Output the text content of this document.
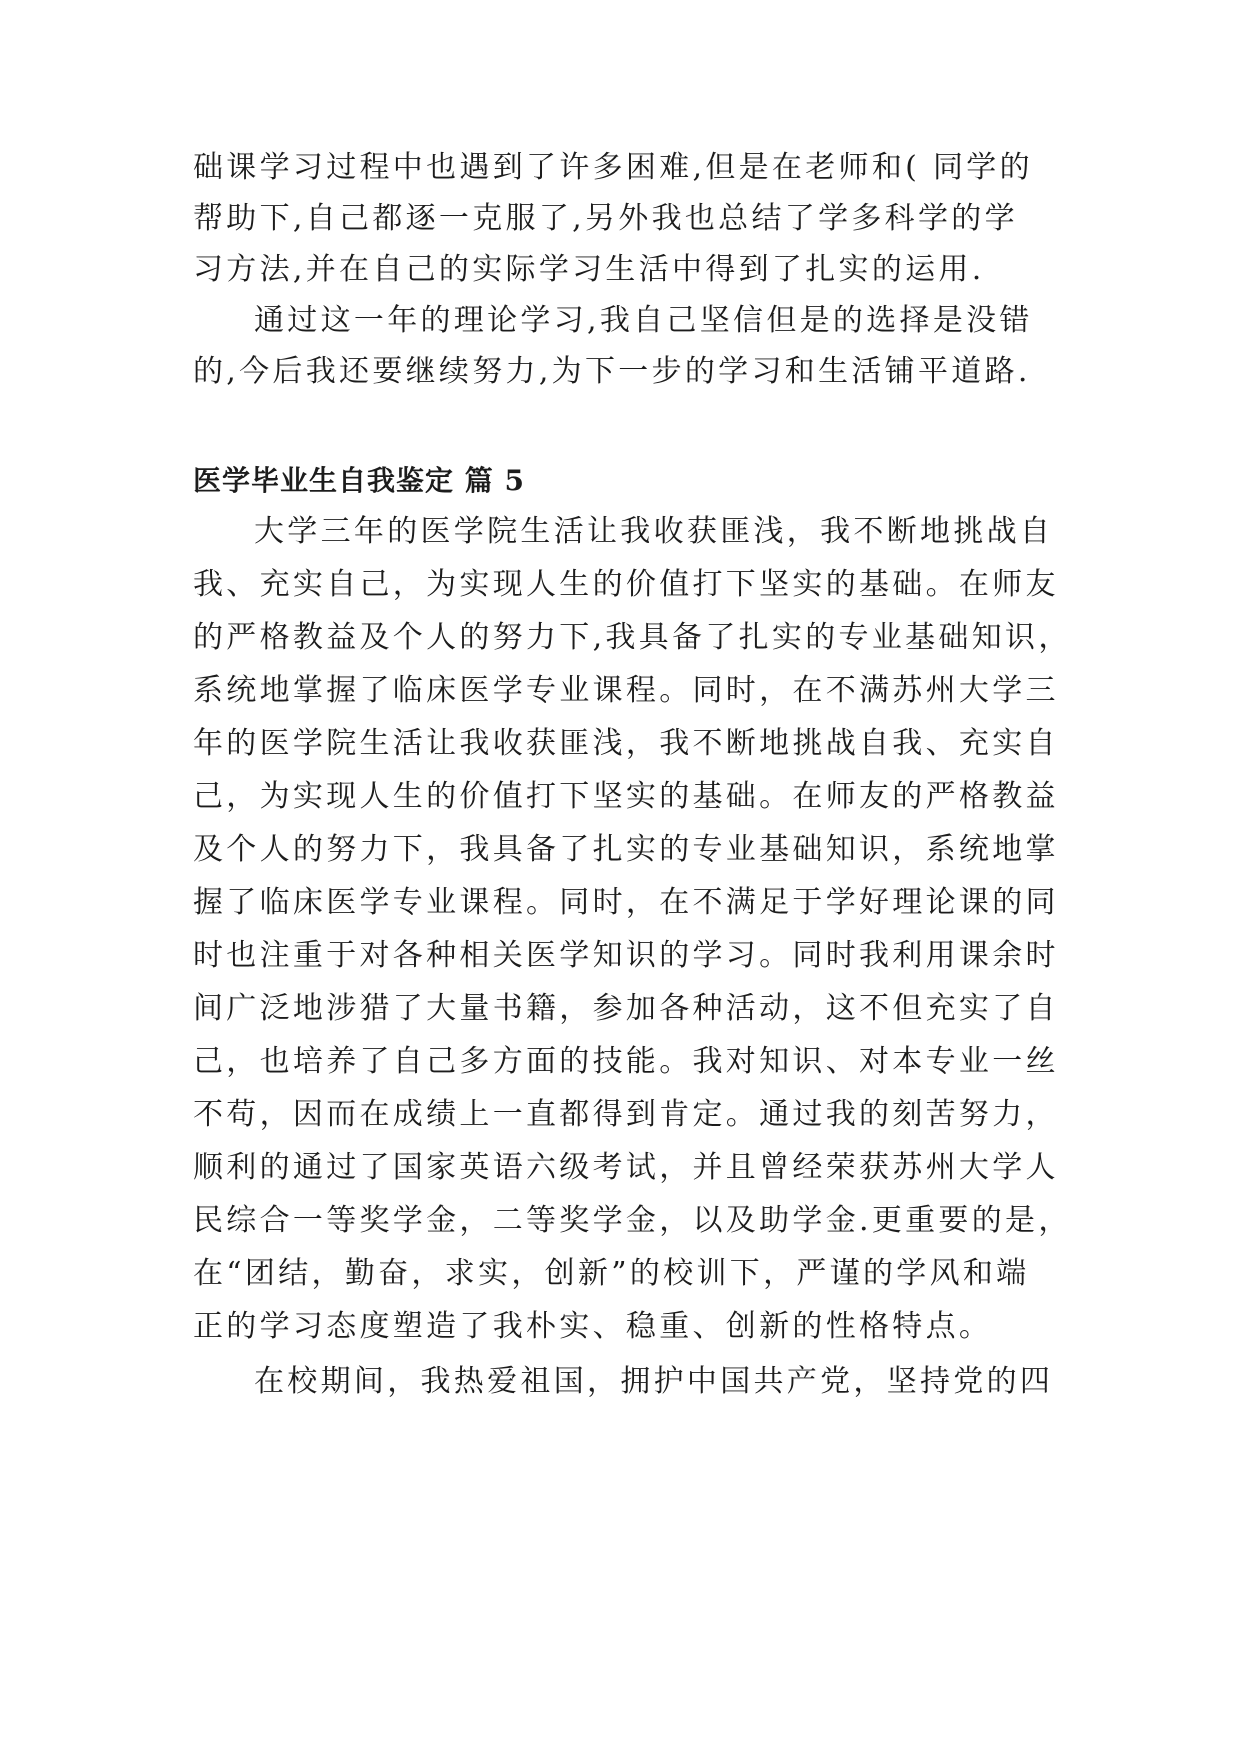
础课学习过程中也遇到了许多困难,但是在老师和( 同学的

帮助下,自己都逐一克服了,另外我也总结了学多科学的学

习方法,并在自己的实际学习生活中得到了扎实的运用.

通过这一年的理论学习,我自己坚信但是的选择是没错

的,今后我还要继续努力,为下一步的学习和生活铺平道路.

医学毕业生自我鉴定 篇 5

大学三年的医学院生活让我收获匪浅，我不断地挑战自

我、充实自己，为实现人生的价值打下坚实的基础。在师友

的严格教益及个人的努力下,我具备了扎实的专业基础知识，

系统地掌握了临床医学专业课程。同时，在不满苏州大学三

年的医学院生活让我收获匪浅，我不断地挑战自我、充实自

己，为实现人生的价值打下坚实的基础。在师友的严格教益

及个人的努力下，我具备了扎实的专业基础知识，系统地掌

握了临床医学专业课程。同时，在不满足于学好理论课的同

时也注重于对各种相关医学知识的学习。同时我利用课余时

间广泛地涉猎了大量书籍，参加各种活动，这不但充实了自

己，也培养了自己多方面的技能。我对知识、对本专业一丝

不苟，因而在成绩上一直都得到肯定。通过我的刻苦努力，

顺利的通过了国家英语六级考试，并且曾经荣获苏州大学人

民综合一等奖学金，二等奖学金，以及助学金.更重要的是，

在“团结，勤奋，求实，创新”的校训下，严谨的学风和端

正的学习态度塑造了我朴实、稳重、创新的性格特点。

在校期间，我热爱祖国，拥护中国共产党，坚持党的四
